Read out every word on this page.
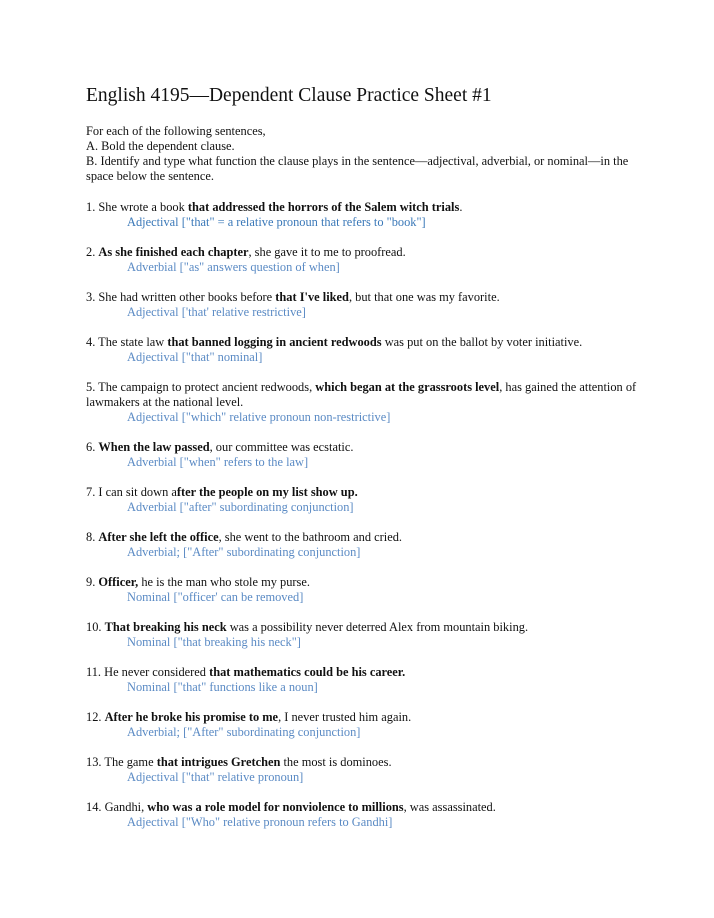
English 4195—Dependent Clause Practice Sheet #1
For each of the following sentences,
A. Bold the dependent clause.
B. Identify and type what function the clause plays in the sentence—adjectival, adverbial, or nominal—in the space below the sentence.
1. She wrote a book that addressed the horrors of the Salem witch trials.
Adjectival ["that" = a relative pronoun that refers to "book"]
2. As she finished each chapter, she gave it to me to proofread.
Adverbial ["as" answers question of when]
3. She had written other books before that I've liked, but that one was my favorite.
Adjectival ['that' relative restrictive]
4. The state law that banned logging in ancient redwoods was put on the ballot by voter initiative.
Adjectival ["that" nominal]
5. The campaign to protect ancient redwoods, which began at the grassroots level, has gained the attention of lawmakers at the national level.
Adjectival ["which" relative pronoun non-restrictive]
6. When the law passed, our committee was ecstatic.
Adverbial ["when" refers to the law]
7. I can sit down after the people on my list show up.
Adverbial ["after" subordinating conjunction]
8. After she left the office, she went to the bathroom and cried.
Adverbial; ["After" subordinating conjunction]
9. Officer, he is the man who stole my purse.
Nominal ["officer' can be removed]
10. That breaking his neck was a possibility never deterred Alex from mountain biking.
Nominal ["that breaking his neck"]
11. He never considered that mathematics could be his career.
Nominal ["that" functions like a noun]
12. After he broke his promise to me, I never trusted him again.
Adverbial; ["After" subordinating conjunction]
13. The game that intrigues Gretchen the most is dominoes.
Adjectival ["that" relative pronoun]
14. Gandhi, who was a role model for nonviolence to millions, was assassinated.
Adjectival ["Who" relative pronoun refers to Gandhi]
